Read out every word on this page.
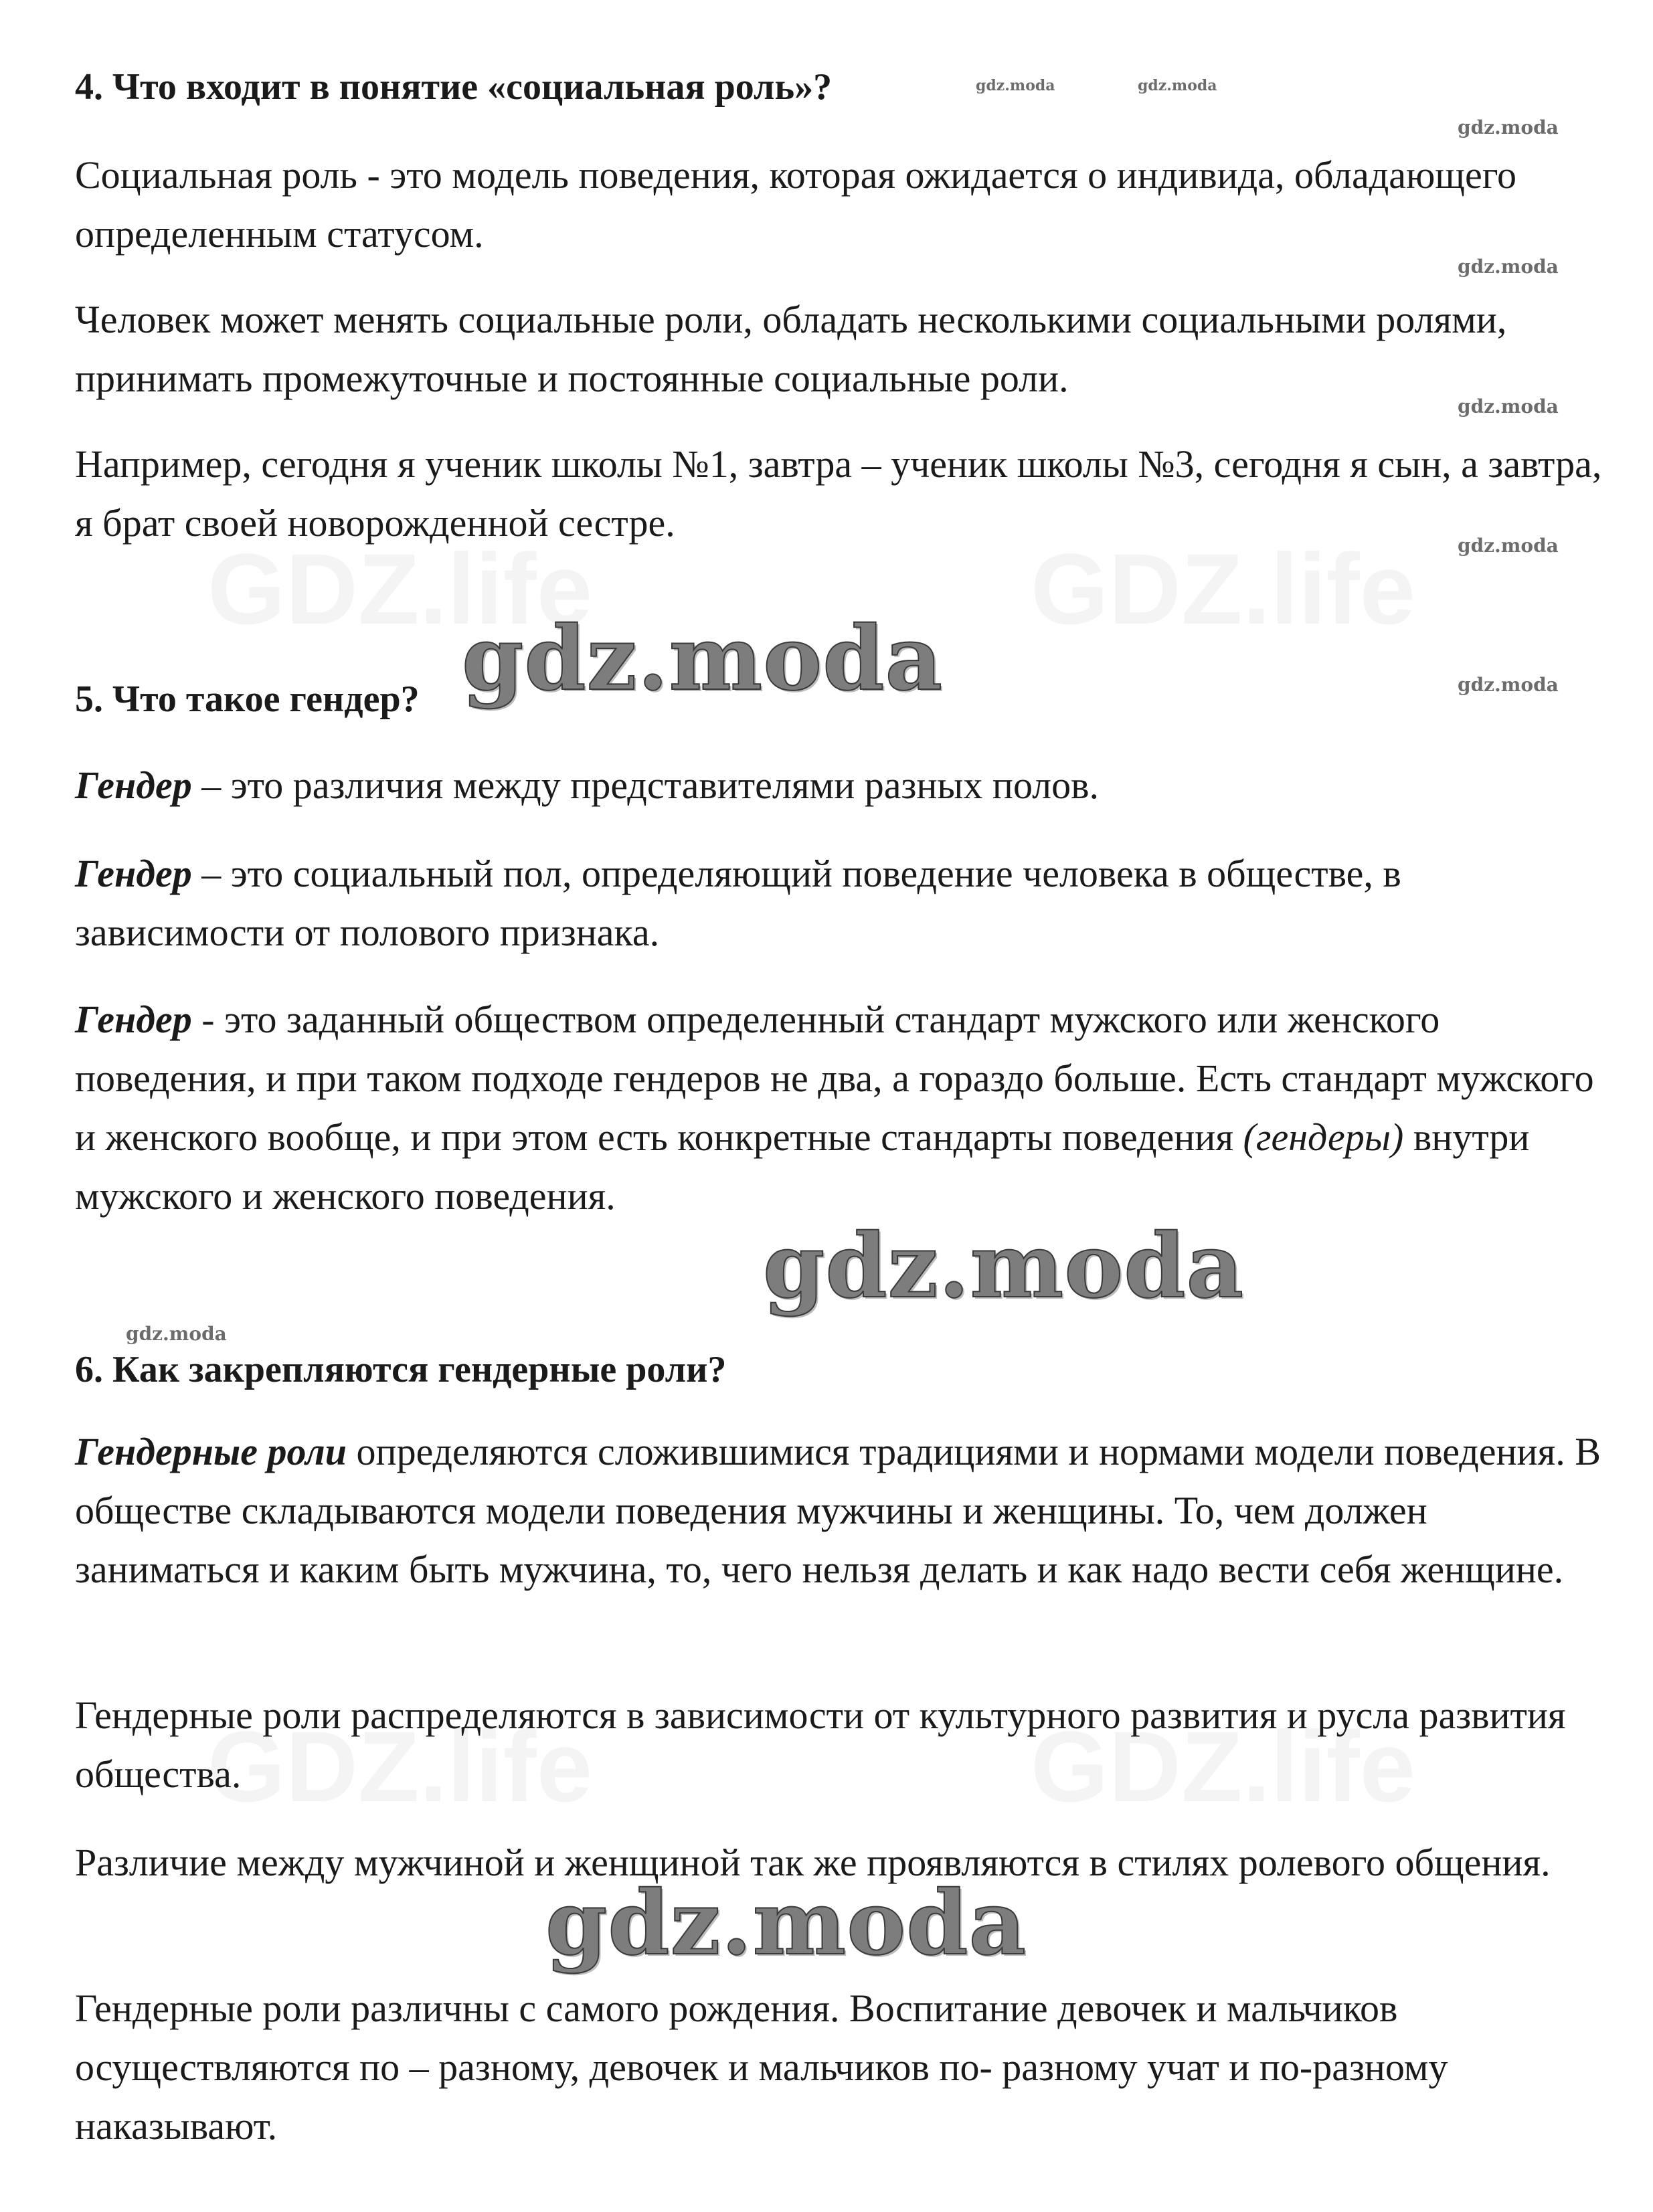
GDZ.life	GDZ.life
GDZ.life	GDZ.life
4. Что входит в понятие «социальная роль»?	gdz.moda	gdz.moda
gdz.moda

Социальная роль - это модель поведения, которая ожидается о индивида, обладающего определенным статусом.

gdz.moda

Человек может менять социальные роли, обладать несколькими социальными ролями, принимать промежуточные и постоянные социальные роли.

gdz.moda

Например, сегодня я ученик школы №1, завтра – ученик школы №3, сегодня я сын, а завтра, я брат своей новорожденной сестре.

gdz.moda
gdz.moda
5. Что такое гендер?	gdz.moda

Гендер – это различия между представителями разных полов.

Гендер – это социальный пол, определяющий поведение человека в обществе, в зависимости от полового признака.

Гендер - это заданный обществом определенный стандарт мужского или женского поведения, и при таком подходе гендеров не два, а гораздо больше. Есть стандарт мужского и женского вообще, и при этом есть конкретные стандарты поведения (гендеры) внутри мужского и женского поведения.

gdz.moda
gdz.moda
6. Как закрепляются гендерные роли?

Гендерные роли определяются сложившимися традициями и нормами модели поведения. В обществе складываются модели поведения мужчины и женщины. То, чем должен заниматься и каким быть мужчина, то, чего нельзя делать и как надо вести себя женщине.

Гендерные роли распределяются в зависимости от культурного развития и русла развития общества.

Различие между мужчиной и женщиной так же проявляются в стилях ролевого общения.

gdz.moda

Гендерные роли различны с самого рождения. Воспитание девочек и мальчиков осуществляются по – разному, девочек и мальчиков по- разному учат и по-разному наказывают.
